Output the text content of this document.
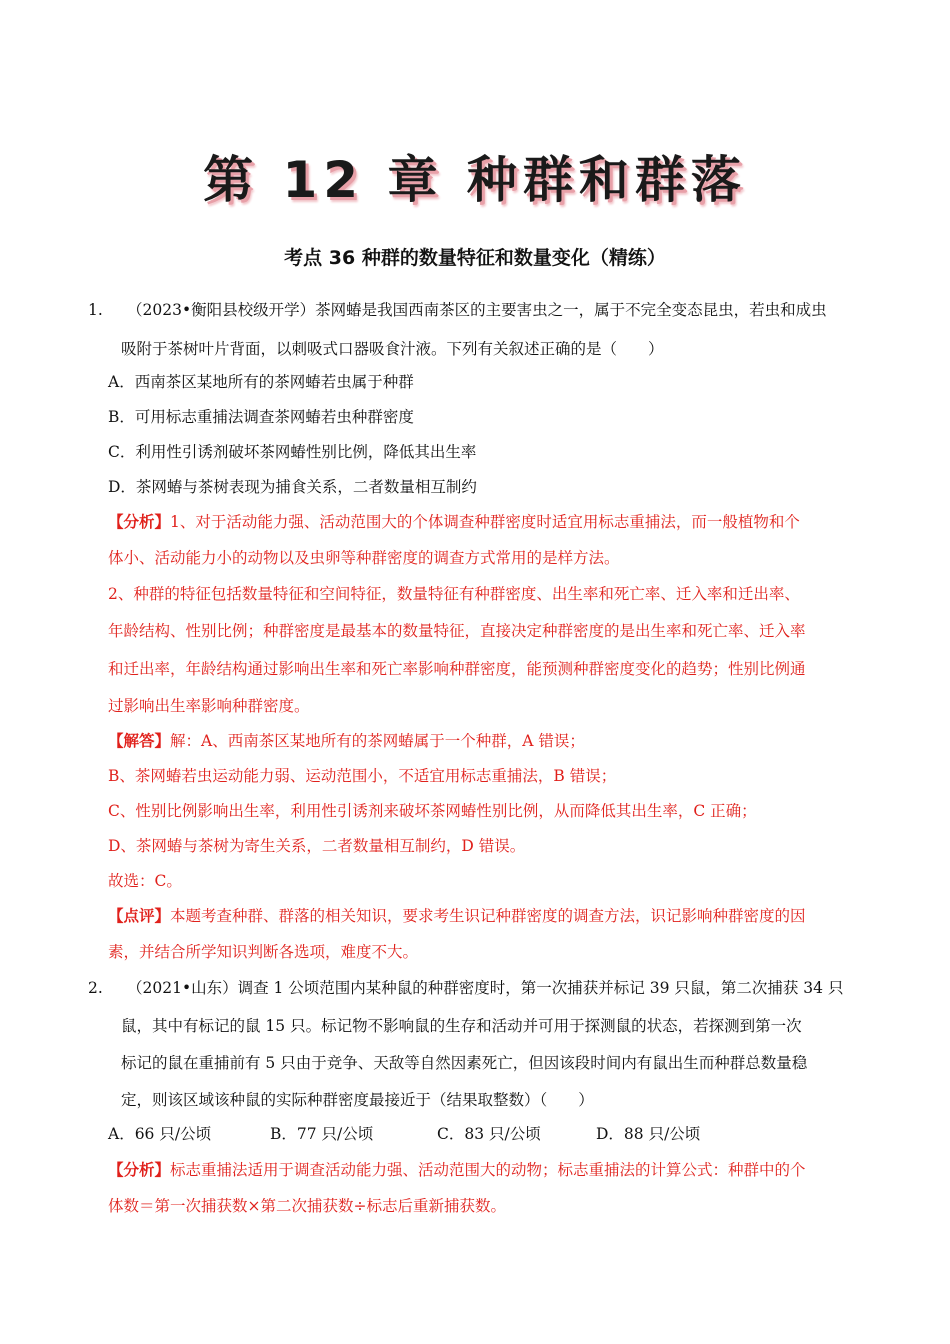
第 12 章 种群和群落
考点 36 种群的数量特征和数量变化（精练）
1. （2023•衡阳县校级开学）茶网蝽是我国西南茶区的主要害虫之一，属于不完全变态昆虫，若虫和成虫
吸附于茶树叶片背面，以刺吸式口器吸食汁液。下列有关叙述正确的是（　　）
A．西南茶区某地所有的茶网蝽若虫属于种群
B．可用标志重捕法调查茶网蝽若虫种群密度
C．利用性引诱剂破坏茶网蝽性别比例，降低其出生率
D．茶网蝽与茶树表现为捕食关系，二者数量相互制约
【分析】1、对于活动能力强、活动范围大的个体调查种群密度时适宜用标志重捕法，而一般植物和个
体小、活动能力小的动物以及虫卵等种群密度的调查方式常用的是样方法。
2、种群的特征包括数量特征和空间特征，数量特征有种群密度、出生率和死亡率、迁入率和迁出率、
年龄结构、性别比例；种群密度是最基本的数量特征，直接决定种群密度的是出生率和死亡率、迁入率
和迁出率，年龄结构通过影响出生率和死亡率影响种群密度，能预测种群密度变化的趋势；性别比例通
过影响出生率影响种群密度。
【解答】解：A、西南茶区某地所有的茶网蝽属于一个种群，A 错误；
B、茶网蝽若虫运动能力弱、运动范围小，不适宜用标志重捕法，B 错误；
C、性别比例影响出生率，利用性引诱剂来破坏茶网蝽性别比例，从而降低其出生率，C 正确；
D、茶网蝽与茶树为寄生关系，二者数量相互制约，D 错误。
故选：C。
【点评】本题考查种群、群落的相关知识，要求考生识记种群密度的调查方法，识记影响种群密度的因
素，并结合所学知识判断各选项，难度不大。
2. （2021•山东）调查 1 公顷范围内某种鼠的种群密度时，第一次捕获并标记 39 只鼠，第二次捕获 34 只
鼠，其中有标记的鼠 15 只。标记物不影响鼠的生存和活动并可用于探测鼠的状态，若探测到第一次
标记的鼠在重捕前有 5 只由于竞争、天敌等自然因素死亡，但因该段时间内有鼠出生而种群总数量稳
定，则该区域该种鼠的实际种群密度最接近于（结果取整数）（　　）
A．66 只/公顷	B．77 只/公顷	C．83 只/公顷	D．88 只/公顷
【分析】标志重捕法适用于调查活动能力强、活动范围大的动物；标志重捕法的计算公式：种群中的个
体数＝第一次捕获数×第二次捕获数÷标志后重新捕获数。
